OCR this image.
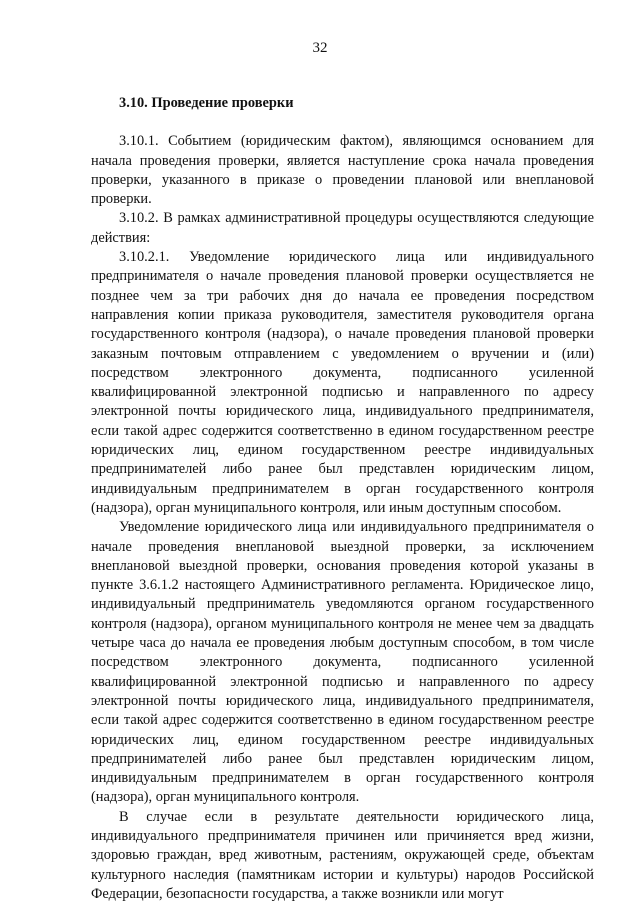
32
3.10. Проведение проверки

3.10.1. Событием (юридическим фактом), являющимся основанием для начала проведения проверки, является наступление срока начала проведения проверки, указанного в приказе о проведении плановой или внеплановой проверки.

3.10.2. В рамках административной процедуры осуществляются следующие действия:

3.10.2.1. Уведомление юридического лица или индивидуального предпринимателя о начале проведения плановой проверки осуществляется не позднее чем за три рабочих дня до начала ее проведения посредством направления копии приказа руководителя, заместителя руководителя органа государственного контроля (надзора), о начале проведения плановой проверки заказным почтовым отправлением с уведомлением о вручении и (или) посредством электронного документа, подписанного усиленной квалифицированной электронной подписью и направленного по адресу электронной почты юридического лица, индивидуального предпринимателя, если такой адрес содержится соответственно в едином государственном реестре юридических лиц, едином государственном реестре индивидуальных предпринимателей либо ранее был представлен юридическим лицом, индивидуальным предпринимателем в орган государственного контроля (надзора), орган муниципального контроля, или иным доступным способом.

Уведомление юридического лица или индивидуального предпринимателя о начале проведения внеплановой выездной проверки, за исключением внеплановой выездной проверки, основания проведения которой указаны в пункте 3.6.1.2 настоящего Административного регламента. Юридическое лицо, индивидуальный предприниматель уведомляются органом государственного контроля (надзора), органом муниципального контроля не менее чем за двадцать четыре часа до начала ее проведения любым доступным способом, в том числе посредством электронного документа, подписанного усиленной квалифицированной электронной подписью и направленного по адресу электронной почты юридического лица, индивидуального предпринимателя, если такой адрес содержится соответственно в едином государственном реестре юридических лиц, едином государственном реестре индивидуальных предпринимателей либо ранее был представлен юридическим лицом, индивидуальным предпринимателем в орган государственного контроля (надзора), орган муниципального контроля.

В случае если в результате деятельности юридического лица, индивидуального предпринимателя причинен или причиняется вред жизни, здоровью граждан, вред животным, растениям, окружающей среде, объектам культурного наследия (памятникам истории и культуры) народов Российской Федерации, безопасности государства, а также возникли или могут
